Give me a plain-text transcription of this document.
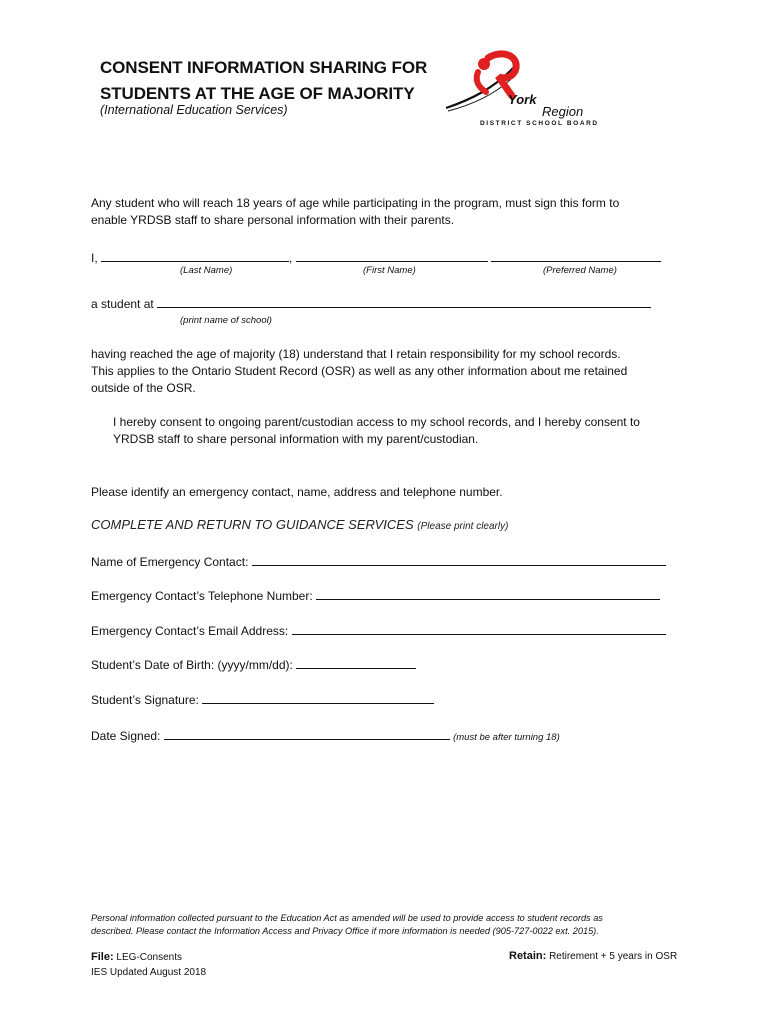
CONSENT INFORMATION SHARING FOR
STUDENTS AT THE AGE OF MAJORITY
(International Education Services)
York
Region
DISTRICT SCHOOL BOARD
Any student who will reach 18 years of age while participating in the program, must sign this form to
enable YRDSB staff to share personal information with their parents.
I,	,
(Last Name)	(First Name)	(Preferred Name)
a student at
(print name of school)
having reached the age of majority (18) understand that I retain responsibility for my school records.
This applies to the Ontario Student Record (OSR) as well as any other information about me retained
outside of the OSR.
I hereby consent to ongoing parent/custodian access to my school records, and I hereby consent to
YRDSB staff to share personal information with my parent/custodian.
Please identify an emergency contact, name, address and telephone number.
COMPLETE AND RETURN TO GUIDANCE SERVICES (Please print clearly)
Name of Emergency Contact:
Emergency Contact’s Telephone Number:
Emergency Contact’s Email Address:
Student’s Date of Birth: (yyyy/mm/dd):
Student’s Signature:
Date Signed:	(must be after turning 18)
Personal information collected pursuant to the Education Act as amended will be used to provide access to student records as
described. Please contact the Information Access and Privacy Office if more information is needed (905-727-0022 ext. 2015).
File: LEG-Consents
IES Updated August 2018
Retain: Retirement + 5 years in OSR
